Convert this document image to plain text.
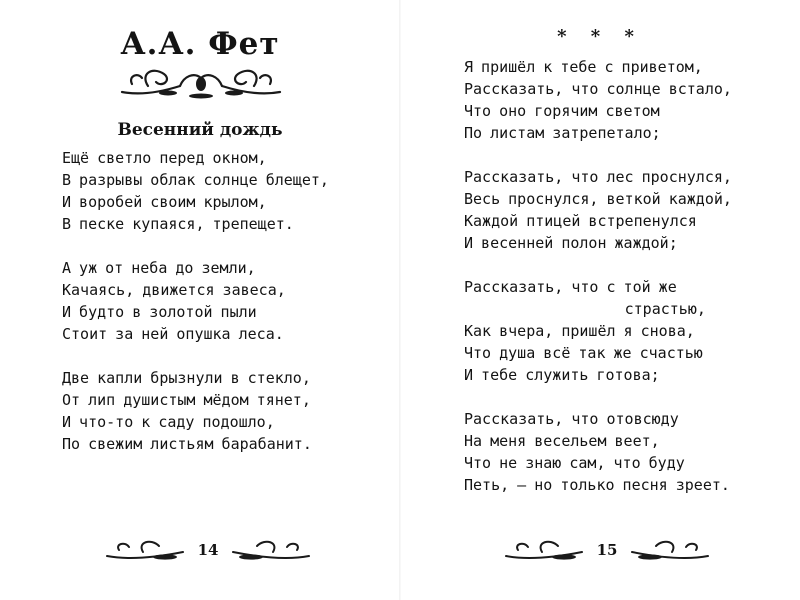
А.А. Фет
Весенний дождь

Ещё светло перед окном,
В разрывы облак солнце блещет,
И воробей своим крылом,
В песке купаяся, трепещет.

А уж от неба до земли,
Качаясь, движется завеса,
И будто в золотой пыли
Стоит за ней опушка леса.

Две капли брызнули в стекло,
От лип душистым мёдом тянет,
И что-то к саду подошло,
По свежим листьям барабанит.

14
* * *

Я пришёл к тебе с приветом,
Рассказать, что солнце встало,
Что оно горячим светом
По листам затрепетало;

Рассказать, что лес проснулся,
Весь проснулся, веткой каждой,
Каждой птицей встрепенулся
И весенней полон жаждой;

Рассказать, что с той же
страстью,
Как вчера, пришёл я снова,
Что душа всё так же счастью
И тебе служить готова;

Рассказать, что отовсюду
На меня весельем веет,
Что не знаю сам, что буду
Петь, — но только песня зреет.

15
